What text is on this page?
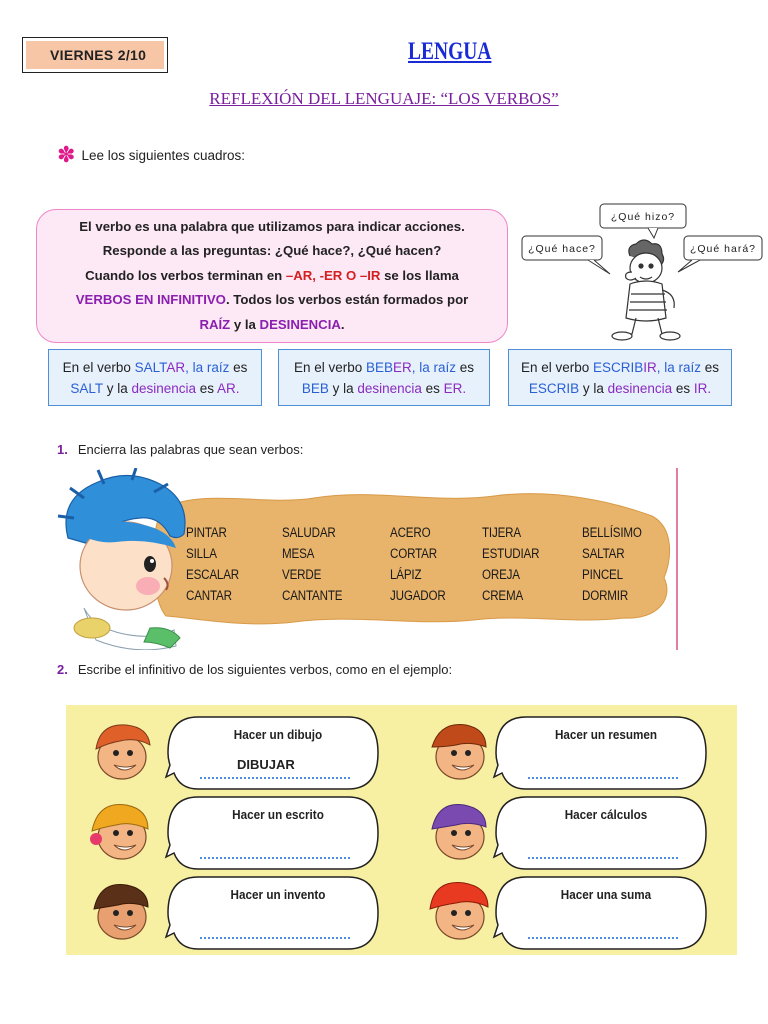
VIERNES 2/10	LENGUA
REFLEXIÓN DEL LENGUAJE: “LOS VERBOS”
✽ Lee los siguientes cuadros:
El verbo es una palabra que utilizamos para indicar acciones.
Responde a las preguntas: ¿Qué hace?, ¿Qué hacen?
Cuando los verbos terminan en –AR, -ER O –IR se los llama
VERBOS EN INFINITIVO. Todos los verbos están formados por
RAÍZ y la DESINENCIA.
¿Qué hizo?
¿Qué hace?	¿Qué hará?
En el verbo SALTAR, la raíz es
SALT y la desinencia es AR.
En el verbo BEBER, la raíz es
BEB y la desinencia es ER.
En el verbo ESCRIBIR, la raíz es
ESCRIB y la desinencia es IR.
1. Encierra las palabras que sean verbos:
PINTAR	SALUDAR	ACERO	TIJERA	BELLÍSIMO
SILLA	MESA	CORTAR	ESTUDIAR	SALTAR
ESCALAR	VERDE	LÁPIZ	OREJA	PINCEL
CANTAR	CANTANTE	JUGADOR	CREMA	DORMIR
2. Escribe el infinitivo de los siguientes verbos, como en el ejemplo:
Hacer un dibujo
DIBUJAR
Hacer un resumen
Hacer un escrito	Hacer cálculos
Hacer un invento	Hacer una suma
